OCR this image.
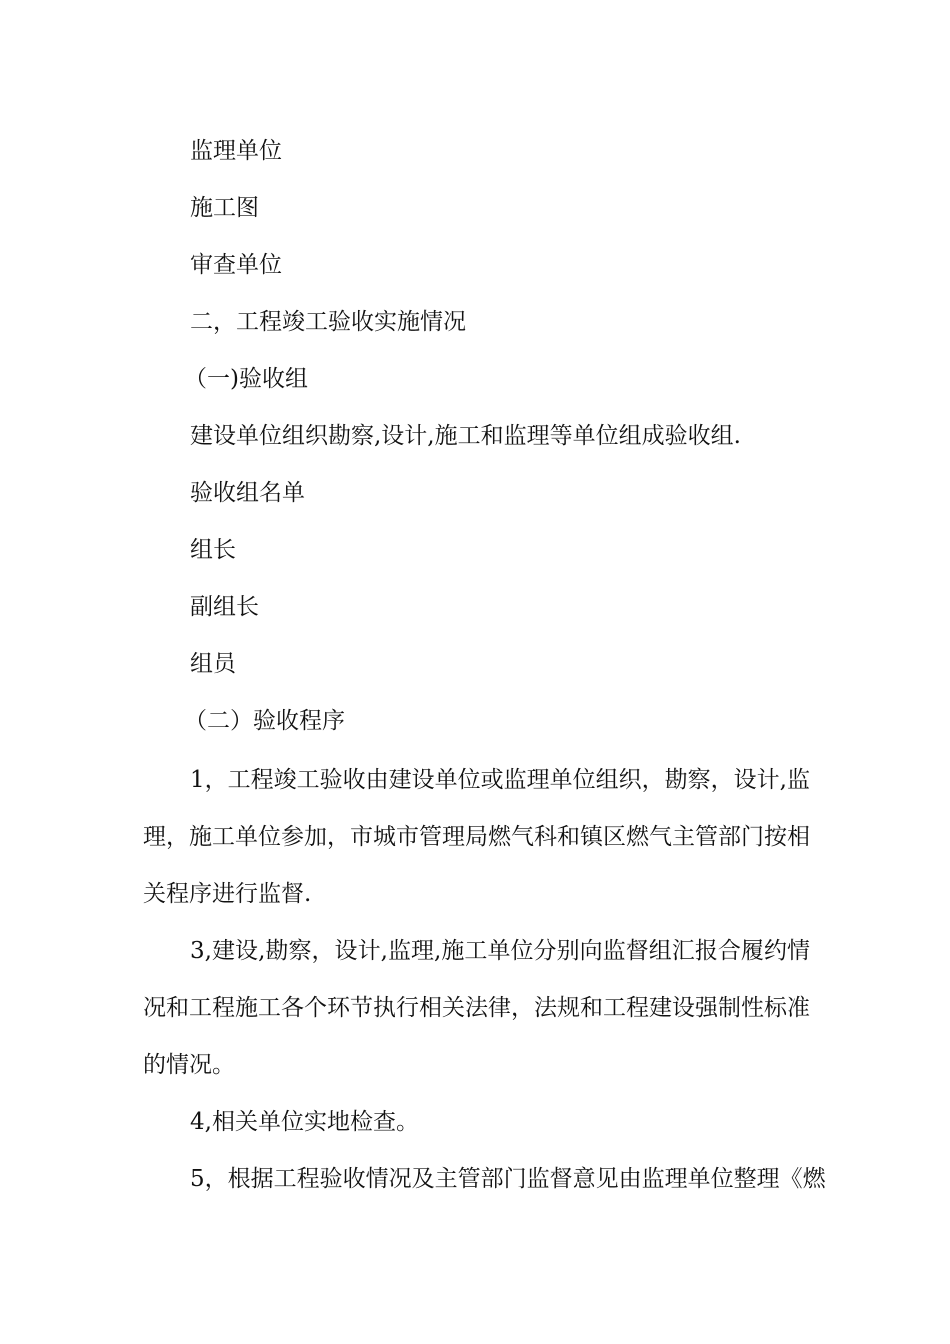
监理单位
施工图
审查单位
二，工程竣工验收实施情况
（一)验收组
建设单位组织勘察,设计,施工和监理等单位组成验收组.
验收组名单
组长
副组长
组员
（二）验收程序
1，工程竣工验收由建设单位或监理单位组织，勘察，设计,监
理，施工单位参加，市城市管理局燃气科和镇区燃气主管部门按相
关程序进行监督.
3,建设,勘察，设计,监理,施工单位分别向监督组汇报合履约情
况和工程施工各个环节执行相关法律，法规和工程建设强制性标准
的情况。
4,相关单位实地检查。
5，根据工程验收情况及主管部门监督意见由监理单位整理《燃
